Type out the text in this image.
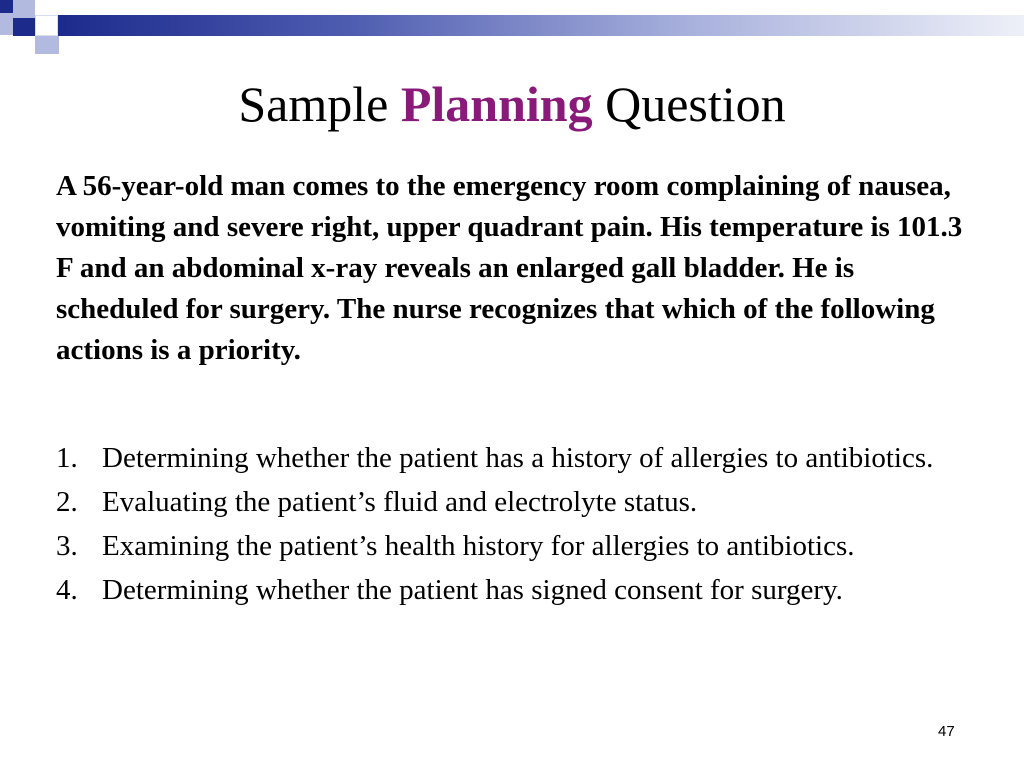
Sample Planning Question

A 56-year-old man comes to the emergency room complaining of nausea, vomiting and severe right, upper quadrant pain. His temperature is 101.3 F and an abdominal x-ray reveals an enlarged gall bladder. He is scheduled for surgery. The nurse recognizes that which of the following actions is a priority.

1. Determining whether the patient has a history of allergies to antibiotics.
2. Evaluating the patient’s fluid and electrolyte status.
3. Examining the patient’s health history for allergies to antibiotics.
4. Determining whether the patient has signed consent for surgery.
47
